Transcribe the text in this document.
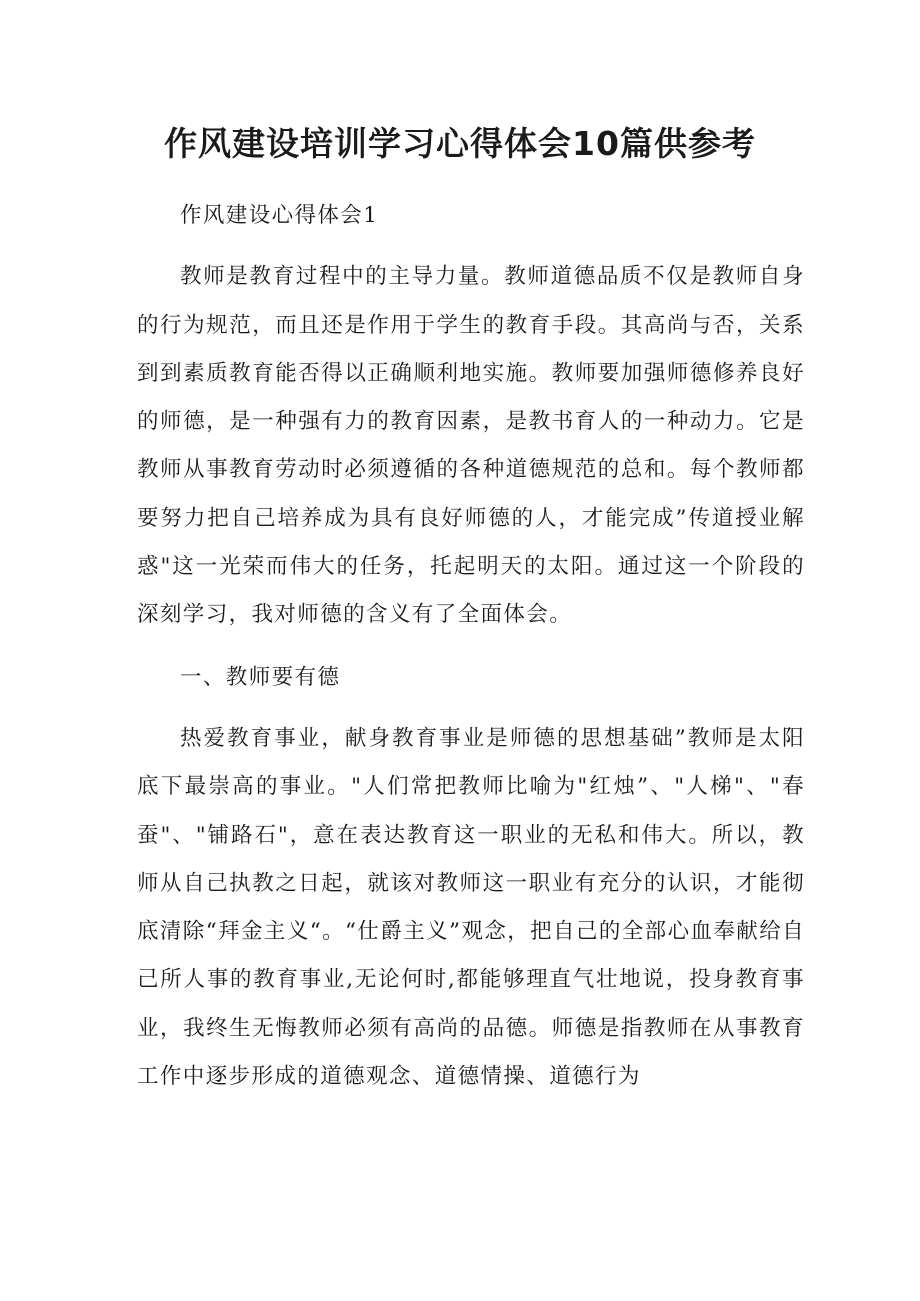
作风建设培训学习心得体会10篇供参考

作风建设心得体会1

教师是教育过程中的主导力量。教师道德品质不仅是教师自身的行为规范，而且还是作用于学生的教育手段。其高尚与否，关系到到素质教育能否得以正确顺利地实施。教师要加强师德修养良好的师德，是一种强有力的教育因素，是教书育人的一种动力。它是教师从事教育劳动时必须遵循的各种道德规范的总和。每个教师都要努力把自己培养成为具有良好师德的人，才能完成”传道授业解惑"这一光荣而伟大的任务，托起明天的太阳。通过这一个阶段的深刻学习，我对师德的含义有了全面体会。

一、教师要有德

热爱教育事业，献身教育事业是师德的思想基础”教师是太阳底下最崇高的事业。"人们常把教师比喻为"红烛”、"人梯"、"春蚕"、"铺路石"，意在表达教育这一职业的无私和伟大。所以，教师从自己执教之日起，就该对教师这一职业有充分的认识，才能彻底清除“拜金主义“。“仕爵主义”观念，把自己的全部心血奉献给自己所人事的教育事业,无论何时,都能够理直气壮地说，投身教育事业，我终生无悔教师必须有高尚的品德。师德是指教师在从事教育工作中逐步形成的道德观念、道德情操、道德行为
